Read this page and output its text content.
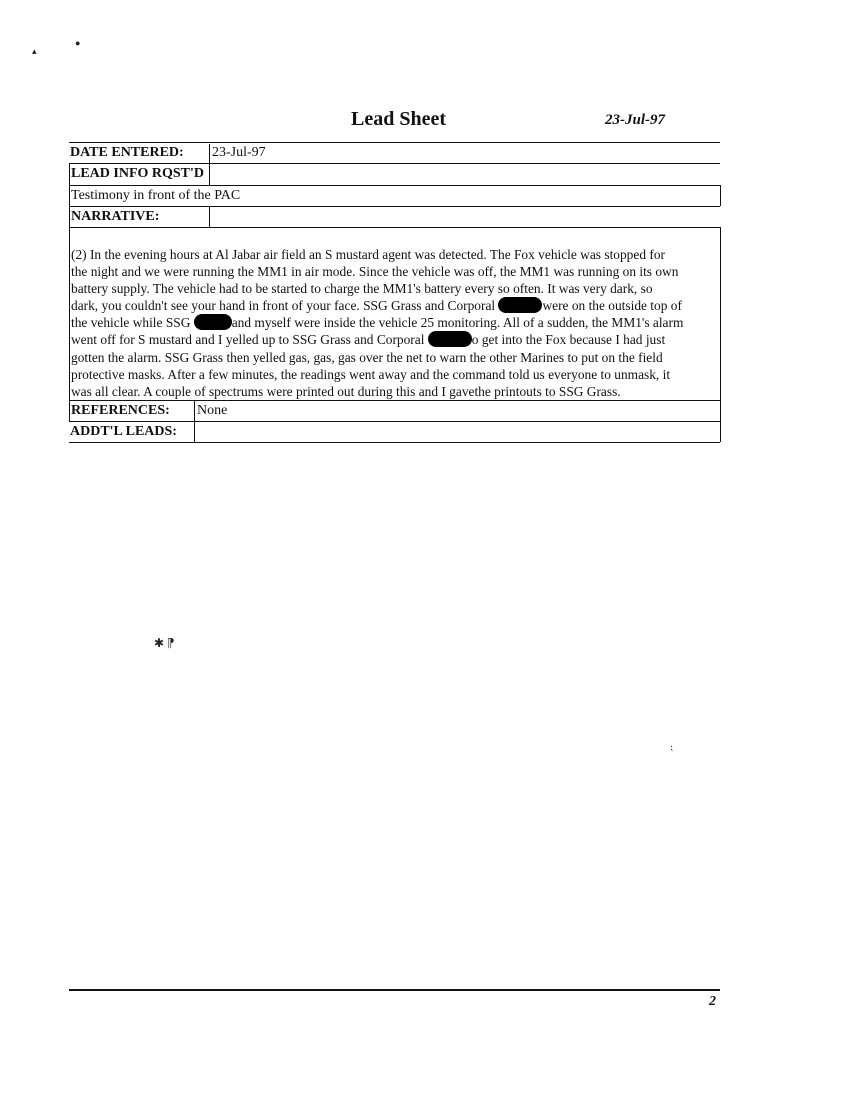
Lead Sheet	23-Jul-97
DATE ENTERED: 23-Jul-97
LEAD INFO RQST'D
Testimony in front of the PAC
NARRATIVE:
(2) In the evening hours at Al Jabar air field an S mustard agent was detected. The Fox vehicle was stopped for
the night and we were running the MM1 in air mode. Since the vehicle was off, the MM1 was running on its own
battery supply. The vehicle had to be started to charge the MM1's battery every so often. It was very dark, so
dark, you couldn't see your hand in front of your face. SSG Grass and Corporal	were on the outside top of
the vehicle while SSG	and myself were inside the vehicle 25 monitoring. All of a sudden, the MM1's alarm
went off for S mustard and I yelled up to SSG Grass and Corporal	o get into the Fox because I had just
gotten the alarm. SSG Grass then yelled gas, gas, gas over the net to warn the other Marines to put on the field
protective masks. After a few minutes, the readings went away and the command told us everyone to unmask, it
was all clear. A couple of spectrums were printed out during this and I gavethe printouts to SSG Grass.
REFERENCES: None
ADDT'L LEADS:
▴
●
✱ ⁋
⁏
2
